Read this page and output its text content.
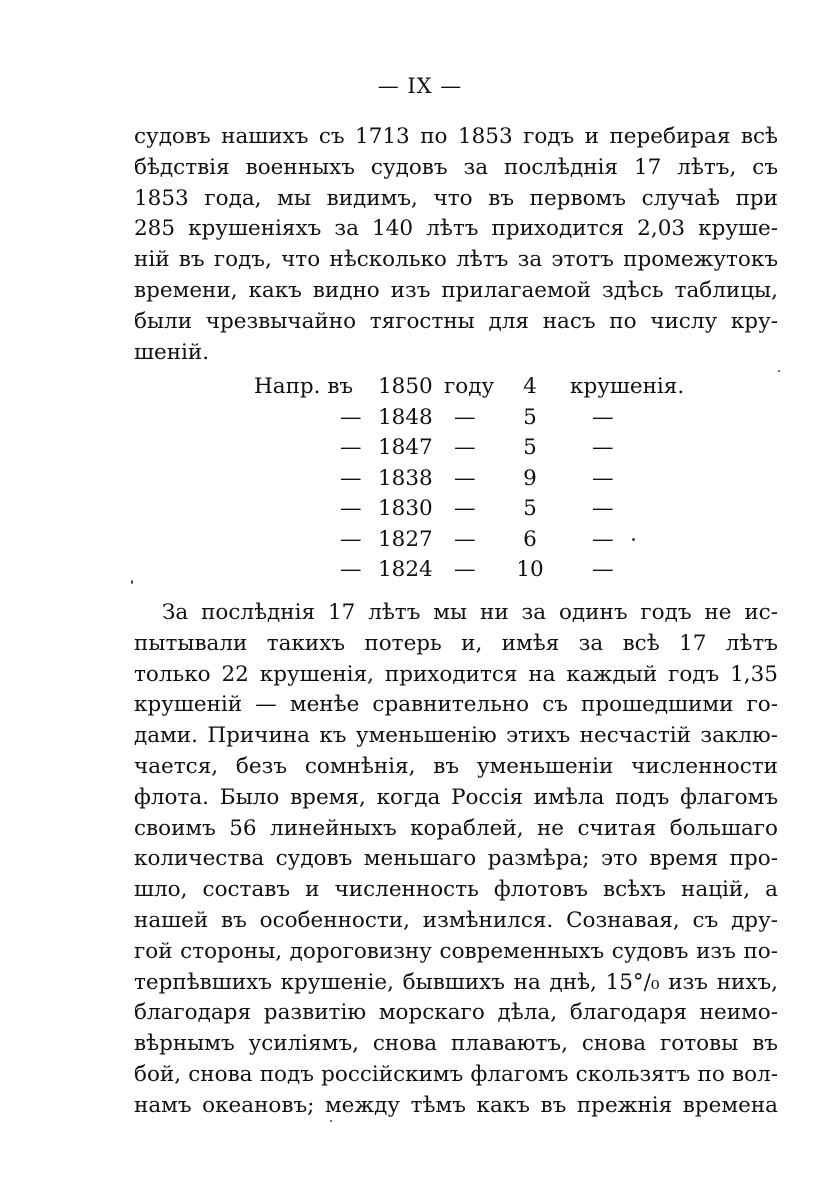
— IX —

судовъ нашихъ съ 1713 по 1853 годъ и перебирая всѣ
бѣдствія военныхъ судовъ за послѣднія 17 лѣтъ, съ
1853 года, мы видимъ, что въ первомъ случаѣ при
285 крушеніяхъ за 140 лѣтъ приходится 2,03 круше-
ній въ годъ, что нѣсколько лѣтъ за этотъ промежутокъ
времени, какъ видно изъ прилагаемой здѣсь таблицы,
были чрезвычайно тягостны для насъ по числу кру-
шеній.

Напр. въ 1850 году	4	крушенія.
— 1848 —	5	—
— 1847 —	5	—
— 1838 —	9	—
— 1830 —	5	—
— 1827 —	6	—
— 1824 — 10 —

За послѣднія 17 лѣтъ мы ни за одинъ годъ не ис-
пытывали такихъ потерь и, имѣя за всѣ 17 лѣтъ
только 22 крушенія, приходится на каждый годъ 1,35
крушеній — менѣе сравнительно съ прошедшими го-
дами. Причина къ уменьшенію этихъ несчастій заклю-
чается, безъ сомнѣнія, въ уменьшеніи численности
флота. Было время, когда Россія имѣла подъ флагомъ
своимъ 56 линейныхъ кораблей, не считая большаго
количества судовъ меньшаго размѣра; это время про-
шло, составъ и численность флотовъ всѣхъ націй, а
нашей въ особенности, измѣнился. Сознавая, съ дру-
гой стороны, дороговизну современныхъ судовъ изъ по-
терпѣвшихъ крушеніе, бывшихъ на днѣ, 15°/₀ изъ нихъ,
благодаря развитію морскаго дѣла, благодаря неимо-
вѣрнымъ усиліямъ, снова плаваютъ, снова готовы въ
бой, снова подъ россійскимъ флагомъ скользятъ по вол-
намъ океановъ; между тѣмъ какъ въ прежнія времена
